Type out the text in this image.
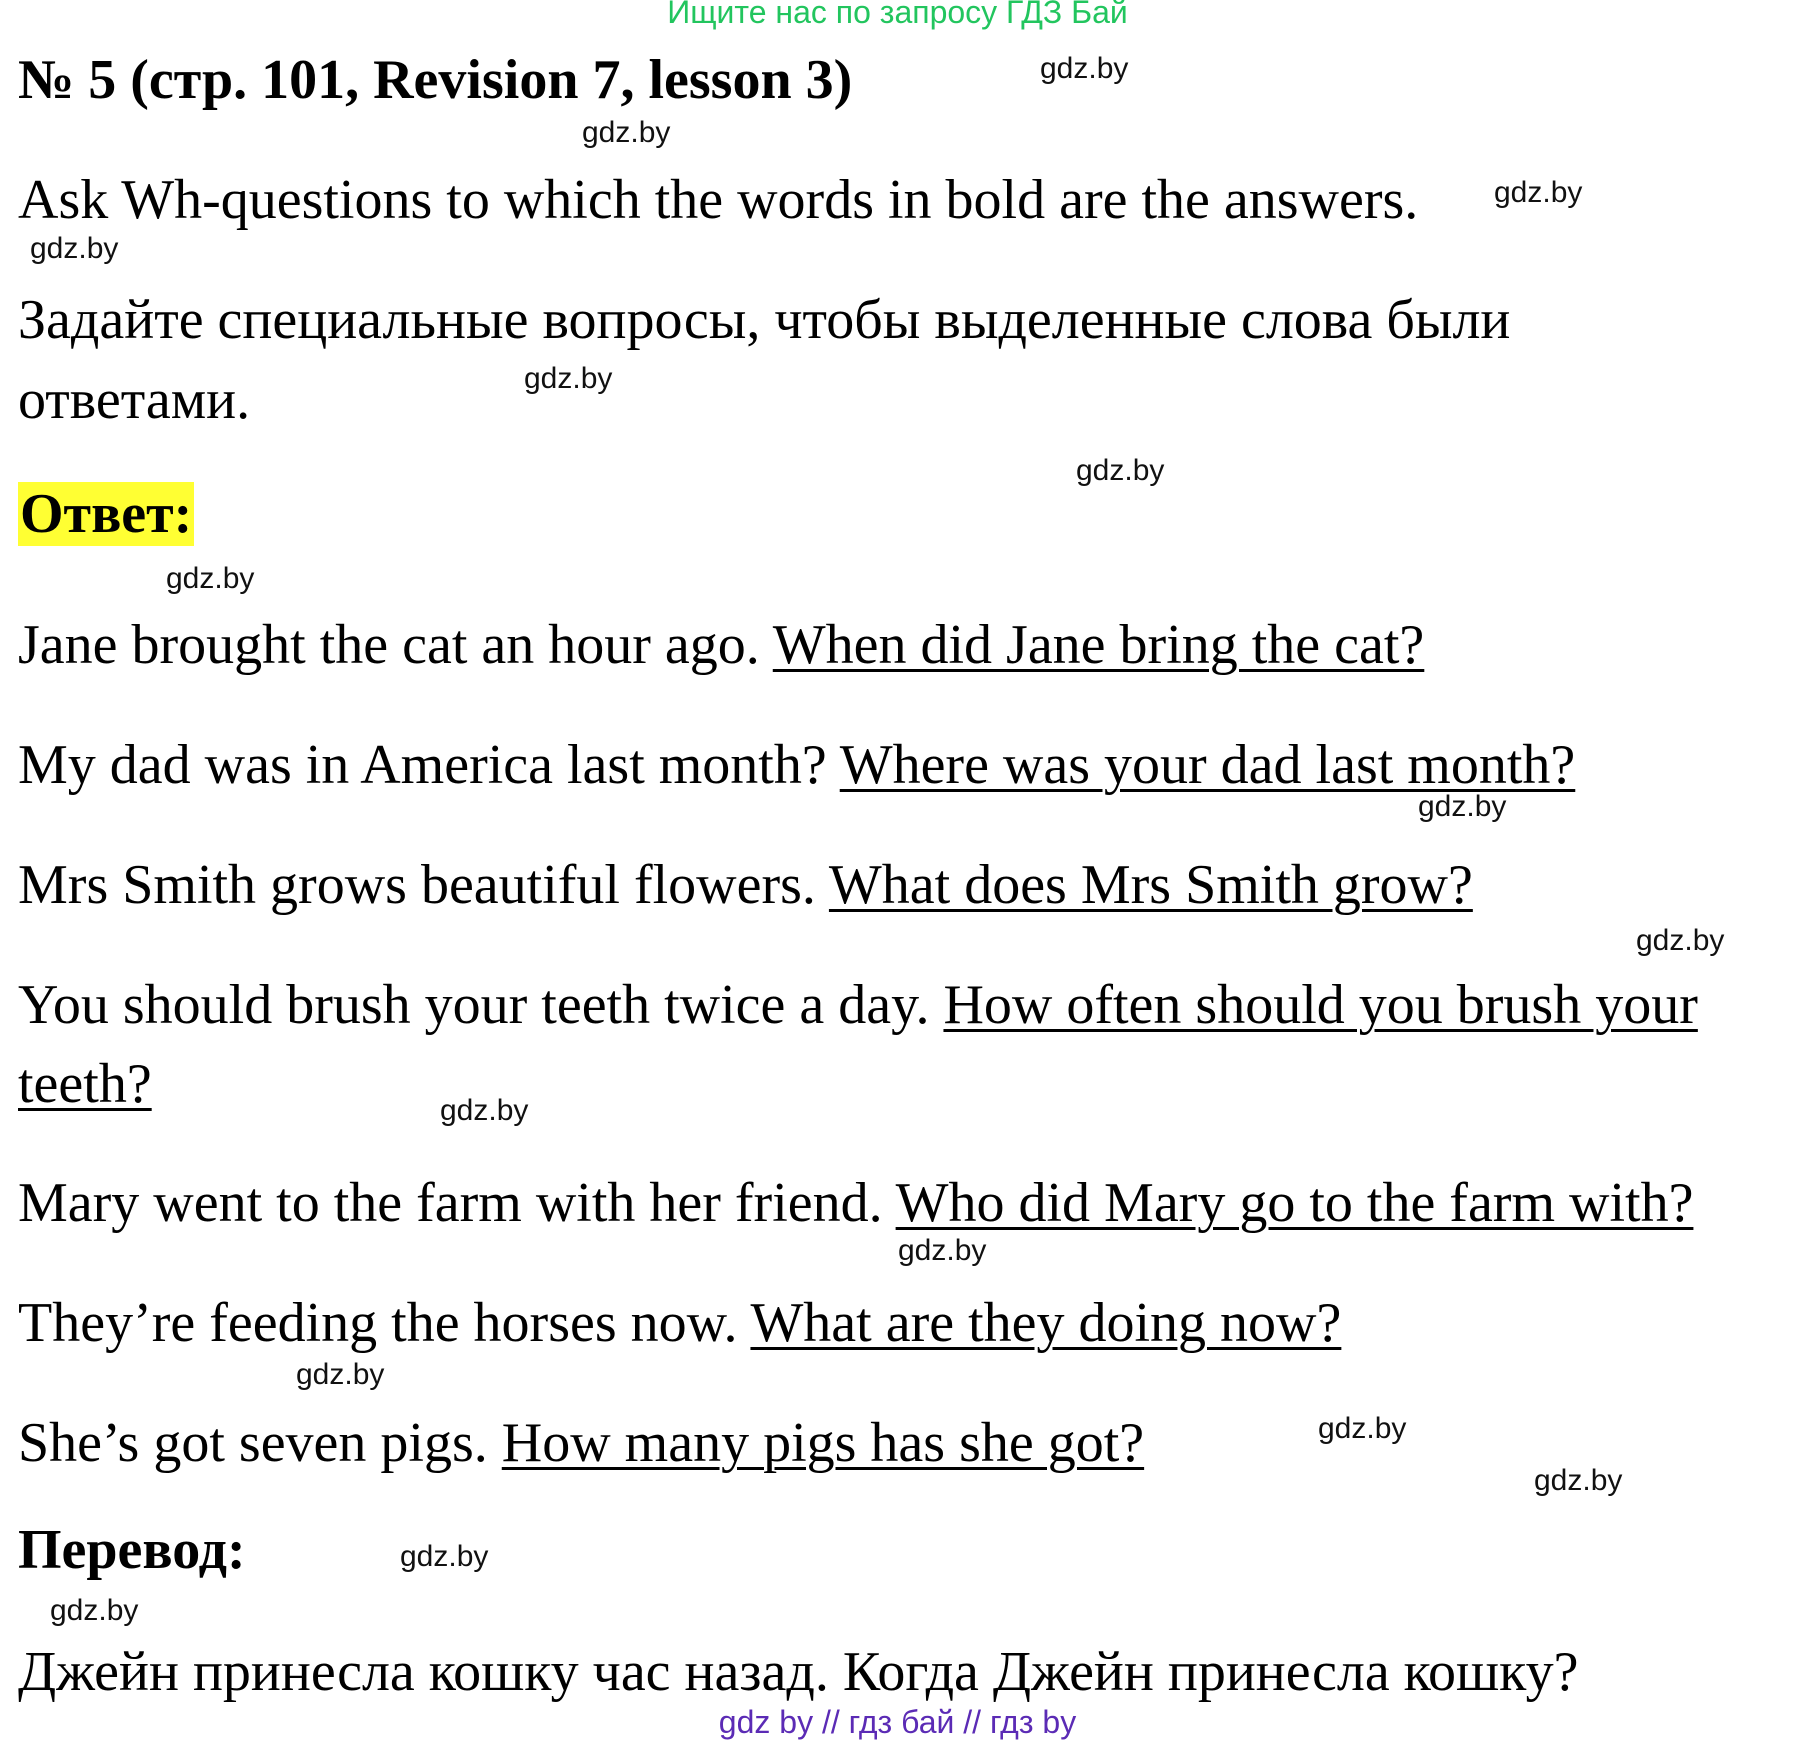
Ищите нас по запросу ГДЗ Бай
№ 5 (стр. 101, Revision 7, lesson 3)
Ask Wh-questions to which the words in bold are the answers.
Задайте специальные вопросы, чтобы выделенные слова были
ответами.
Ответ:
Jane brought the cat an hour ago. When did Jane bring the cat?
My dad was in America last month? Where was your dad last month?
Mrs Smith grows beautiful flowers. What does Mrs Smith grow?
You should brush your teeth twice a day. How often should you brush your teeth?
Mary went to the farm with her friend. Who did Mary go to the farm with?
They’re feeding the horses now. What are they doing now?
She’s got seven pigs. How many pigs has she got?
Перевод:
Джейн принесла кошку час назад. Когда Джейн принесла кошку?
gdz.by
gdz.by
gdz.by
gdz.by
gdz.by
gdz.by
gdz.by
gdz.by
gdz.by
gdz.by
gdz.by
gdz.by
gdz.by
gdz.by
gdz.by
gdz.by
gdz by // гдз бай // гдз by
